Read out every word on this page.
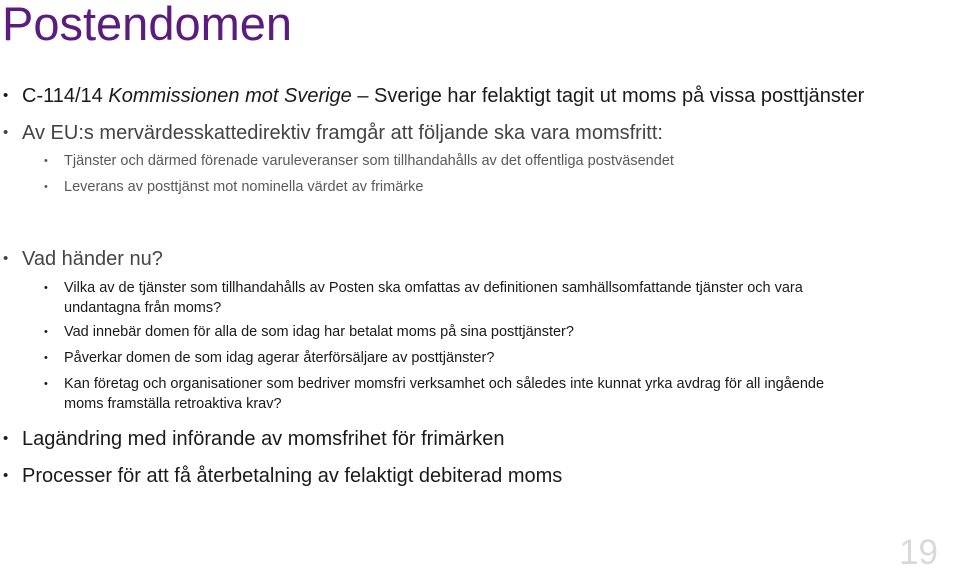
Postendomen
• C-114/14 Kommissionen mot Sverige – Sverige har felaktigt tagit ut moms på vissa posttjänster
• Av EU:s mervärdesskattedirektiv framgår att följande ska vara momsfritt:
• Tjänster och därmed förenade varuleveranser som tillhandahålls av det offentliga postväsendet
• Leverans av posttjänst mot nominella värdet av frimärke
• Vad händer nu?
• Vilka av de tjänster som tillhandahålls av Posten ska omfattas av definitionen samhällsomfattande tjänster och vara
undantagna från moms?
• Vad innebär domen för alla de som idag har betalat moms på sina posttjänster?
• Påverkar domen de som idag agerar återförsäljare av posttjänster?
• Kan företag och organisationer som bedriver momsfri verksamhet och således inte kunnat yrka avdrag för all ingående
moms framställa retroaktiva krav?
• Lagändring med införande av momsfrihet för frimärken
• Processer för att få återbetalning av felaktigt debiterad moms
19
